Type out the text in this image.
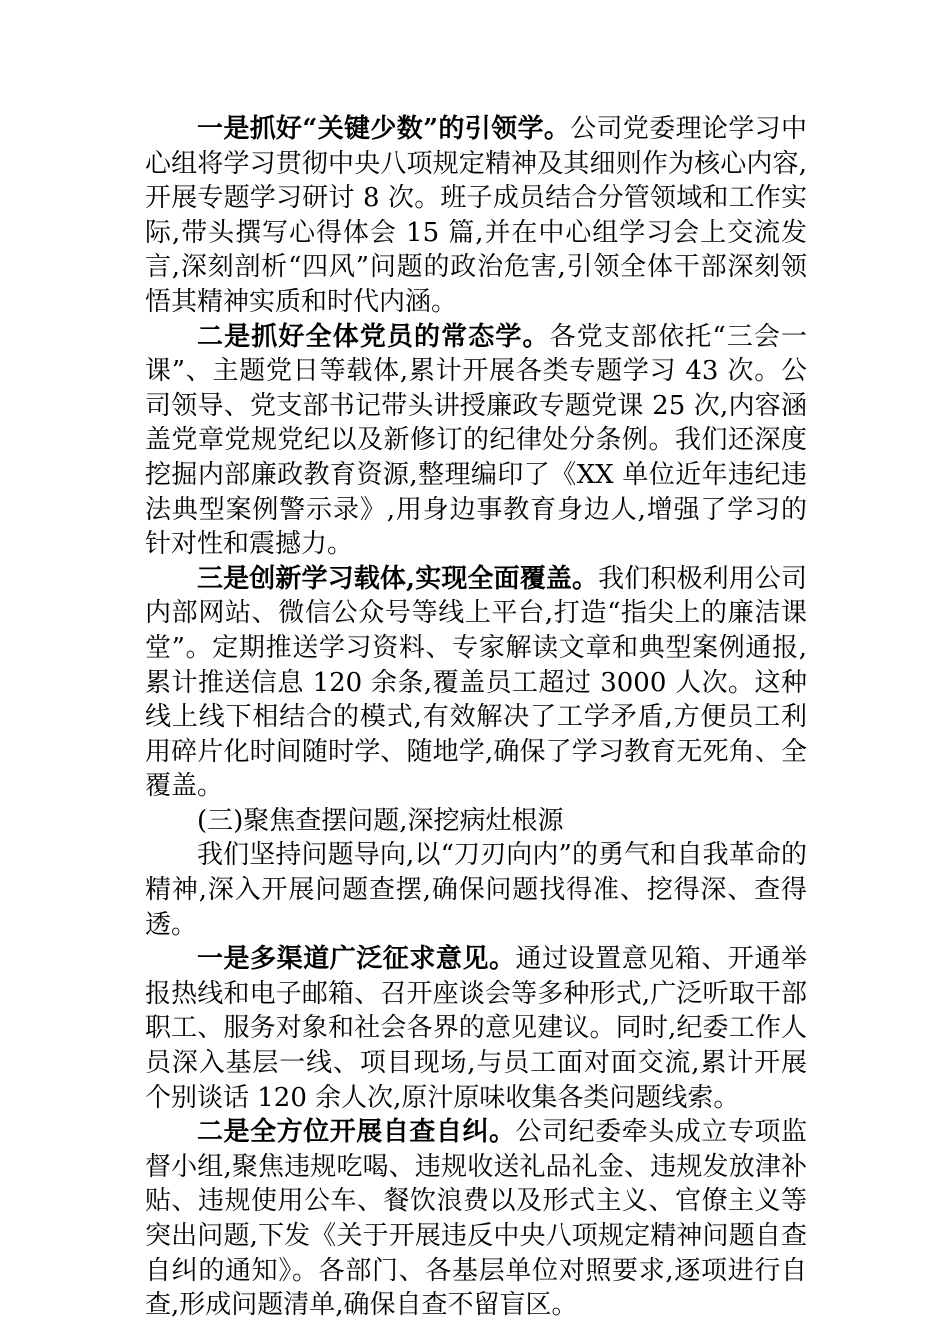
一是抓好“关键少数”的引领学。公司党委理论学习中心组将学习贯彻中央八项规定精神及其细则作为核心内容,开展专题学习研讨 8 次。班子成员结合分管领域和工作实际,带头撰写心得体会 15 篇,并在中心组学习会上交流发言,深刻剖析“四风”问题的政治危害,引领全体干部深刻领悟其精神实质和时代内涵。

二是抓好全体党员的常态学。各党支部依托“三会一课”、主题党日等载体,累计开展各类专题学习 43 次。公司领导、党支部书记带头讲授廉政专题党课 25 次,内容涵盖党章党规党纪以及新修订的纪律处分条例。我们还深度挖掘内部廉政教育资源,整理编印了《XX 单位近年违纪违法典型案例警示录》,用身边事教育身边人,增强了学习的针对性和震撼力。

三是创新学习载体,实现全面覆盖。我们积极利用公司内部网站、微信公众号等线上平台,打造“指尖上的廉洁课堂”。定期推送学习资料、专家解读文章和典型案例通报,累计推送信息 120 余条,覆盖员工超过 3000 人次。这种线上线下相结合的模式,有效解决了工学矛盾,方便员工利用碎片化时间随时学、随地学,确保了学习教育无死角、全覆盖。

(三)聚焦查摆问题,深挖病灶根源

我们坚持问题导向,以“刀刃向内”的勇气和自我革命的精神,深入开展问题查摆,确保问题找得准、挖得深、查得透。

一是多渠道广泛征求意见。通过设置意见箱、开通举报热线和电子邮箱、召开座谈会等多种形式,广泛听取干部职工、服务对象和社会各界的意见建议。同时,纪委工作人员深入基层一线、项目现场,与员工面对面交流,累计开展个别谈话 120 余人次,原汁原味收集各类问题线索。

二是全方位开展自查自纠。公司纪委牵头成立专项监督小组,聚焦违规吃喝、违规收送礼品礼金、违规发放津补贴、违规使用公车、餐饮浪费以及形式主义、官僚主义等突出问题,下发《关于开展违反中央八项规定精神问题自查自纠的通知》。各部门、各基层单位对照要求,逐项进行自查,形成问题清单,确保自查不留盲区。
